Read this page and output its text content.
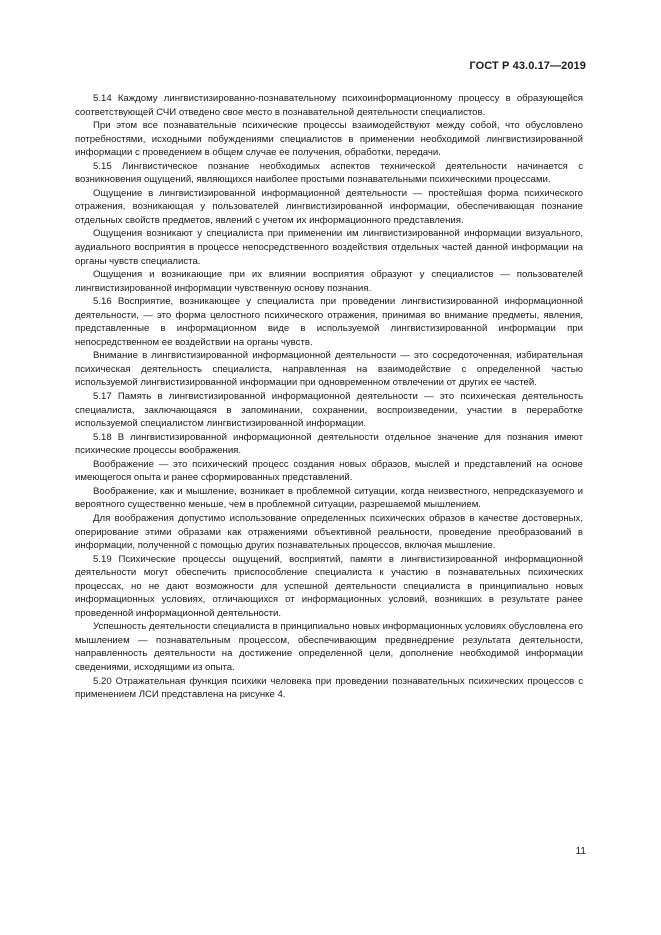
ГОСТ Р 43.0.17—2019

5.14 Каждому лингвистизированно-познавательному психоинформационному процессу в образующейся соответствующей СЧИ отведено свое место в познавательной деятельности специалистов.

При этом все познавательные психические процессы взаимодействуют между собой, что обусловлено потребностями, исходными побуждениями специалистов в применении необходимой лингвистизированной информации с проведением в общем случае ее получения, обработки, передачи.

5.15 Лингвистическое познание необходимых аспектов технической деятельности начинается с возникновения ощущений, являющихся наиболее простыми познавательными психическими процессами.

Ощущение в лингвистизированной информационной деятельности — простейшая форма психического отражения, возникающая у пользователей лингвистизированной информации, обеспечивающая познание отдельных свойств предметов, явлений с учетом их информационного представления.

Ощущения возникают у специалиста при применении им лингвистизированной информации визуального, аудиального восприятия в процессе непосредственного воздействия отдельных частей данной информации на органы чувств специалиста.

Ощущения и возникающие при их влиянии восприятия образуют у специалистов — пользователей лингвистизированной информации чувственную основу познания.

5.16 Восприятие, возникающее у специалиста при проведении лингвистизированной информационной деятельности, — это форма целостного психического отражения, принимая во внимание предметы, явления, представленные в информационном виде в используемой лингвистизированной информации при непосредственном ее воздействии на органы чувств.

Внимание в лингвистизированной информационной деятельности — это сосредоточенная, избирательная психическая деятельность специалиста, направленная на взаимодействие с определенной частью используемой лингвистизированной информации при одновременном отвлечении от других ее частей.

5.17 Память в лингвистизированной информационной деятельности — это психическая деятельность специалиста, заключающаяся в запоминании, сохранении, воспроизведении, участии в переработке используемой специалистом лингвистизированной информации.

5.18 В лингвистизированной информационной деятельности отдельное значение для познания имеют психические процессы воображения.

Воображение — это психический процесс создания новых образов, мыслей и представлений на основе имеющегося опыта и ранее сформированных представлений.

Воображение, как и мышление, возникает в проблемной ситуации, когда неизвестного, непредсказуемого и вероятного существенно меньше, чем в проблемной ситуации, разрешаемой мышлением.

Для воображения допустимо использование определенных психических образов в качестве достоверных, оперирование этими образами как отражениями объективной реальности, проведение преобразований в информации, полученной с помощью других познавательных процессов, включая мышление.

5.19 Психические процессы ощущений, восприятий, памяти в лингвистизированной информационной деятельности могут обеспечить приспособление специалиста к участию в познавательных психических процессах, но не дают возможности для успешной деятельности специалиста в принципиально новых информационных условиях, отличающихся от информационных условий, возникших в результате ранее проведенной информационной деятельности.

Успешность деятельности специалиста в принципиально новых информационных условиях обусловлена его мышлением — познавательным процессом, обеспечивающим предвнедрение результата деятельности, направленность деятельности на достижение определенной цели, дополнение необходимой информации сведениями, исходящими из опыта.

5.20 Отражательная функция психики человека при проведении познавательных психических процессов с применением ЛСИ представлена на рисунке 4.

11
